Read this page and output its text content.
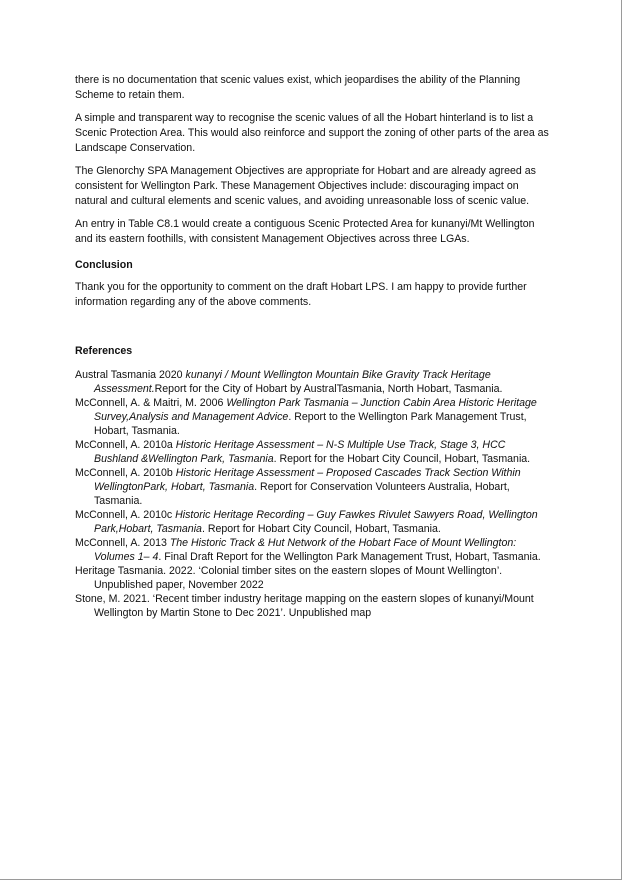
there is no documentation that scenic values exist, which jeopardises the ability of the Planning Scheme to retain them.

A simple and transparent way to recognise the scenic values of all the Hobart hinterland is to list a Scenic Protection Area. This would also reinforce and support the zoning of other parts of the area as Landscape Conservation.

The Glenorchy SPA Management Objectives are appropriate for Hobart and are already agreed as consistent for Wellington Park. These Management Objectives include: discouraging impact on natural and cultural elements and scenic values, and avoiding unreasonable loss of scenic value.

An entry in Table C8.1 would create a contiguous Scenic Protected Area for kunanyi/Mt Wellington and its eastern foothills, with consistent Management Objectives across three LGAs.

Conclusion

Thank you for the opportunity to comment on the draft Hobart LPS. I am happy to provide further information regarding any of the above comments.

References

Austral Tasmania 2020 kunanyi / Mount Wellington Mountain Bike Gravity Track Heritage Assessment.Report for the City of Hobart by AustralTasmania, North Hobart, Tasmania.

McConnell, A. & Maitri, M. 2006 Wellington Park Tasmania – Junction Cabin Area Historic Heritage Survey,Analysis and Management Advice. Report to the Wellington Park Management Trust, Hobart, Tasmania.

McConnell, A. 2010a Historic Heritage Assessment – N-S Multiple Use Track, Stage 3, HCC Bushland &Wellington Park, Tasmania. Report for the Hobart City Council, Hobart, Tasmania.

McConnell, A. 2010b Historic Heritage Assessment – Proposed Cascades Track Section Within WellingtonPark, Hobart, Tasmania. Report for Conservation Volunteers Australia, Hobart, Tasmania.

McConnell, A. 2010c Historic Heritage Recording – Guy Fawkes Rivulet Sawyers Road, Wellington Park,Hobart, Tasmania. Report for Hobart City Council, Hobart, Tasmania.

McConnell, A. 2013 The Historic Track & Hut Network of the Hobart Face of Mount Wellington: Volumes 1– 4. Final Draft Report for the Wellington Park Management Trust, Hobart, Tasmania.

Heritage Tasmania. 2022. ‘Colonial timber sites on the eastern slopes of Mount Wellington’. Unpublished paper, November 2022

Stone, M. 2021. ‘Recent timber industry heritage mapping on the eastern slopes of kunanyi/Mount Wellington by Martin Stone to Dec 2021’. Unpublished map
